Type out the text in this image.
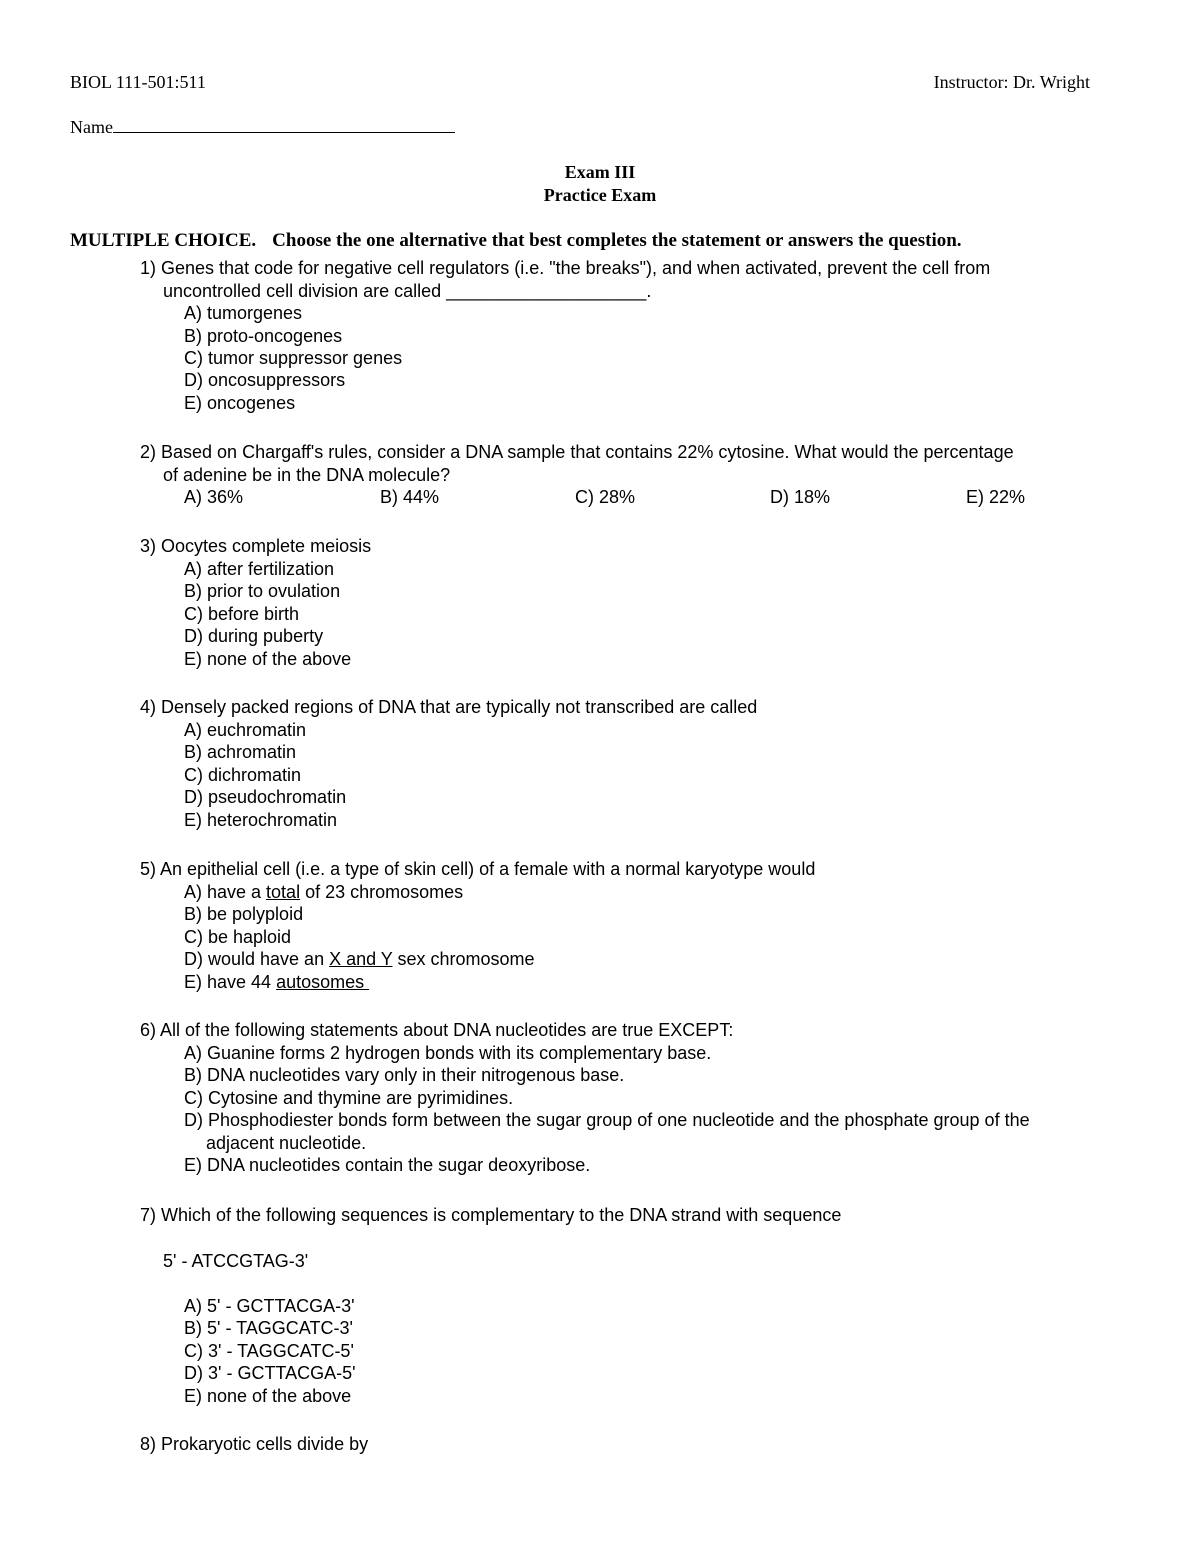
BIOL 111-501:511	Instructor: Dr. Wright
Name
Exam III
Practice Exam
MULTIPLE CHOICE. Choose the one alternative that best completes the statement or answers the question.
1) Genes that code for negative cell regulators (i.e. "the breaks"), and when activated, prevent the cell from
uncontrolled cell division are called ____________________.
A) tumorgenes
B) proto-oncogenes
C) tumor suppressor genes
D) oncosuppressors
E) oncogenes
2) Based on Chargaff's rules, consider a DNA sample that contains 22% cytosine. What would the percentage
of adenine be in the DNA molecule?
A) 36%	B) 44%	C) 28%	D) 18%	E) 22%
3) Oocytes complete meiosis
A) after fertilization
B) prior to ovulation
C) before birth
D) during puberty
E) none of the above
4) Densely packed regions of DNA that are typically not transcribed are called
A) euchromatin
B) achromatin
C) dichromatin
D) pseudochromatin
E) heterochromatin
5) An epithelial cell (i.e. a type of skin cell) of a female with a normal karyotype would
A) have a total of 23 chromosomes
B) be polyploid
C) be haploid
D) would have an X and Y sex chromosome
E) have 44 autosomes
6) All of the following statements about DNA nucleotides are true EXCEPT:
A) Guanine forms 2 hydrogen bonds with its complementary base.
B) DNA nucleotides vary only in their nitrogenous base.
C) Cytosine and thymine are pyrimidines.
D) Phosphodiester bonds form between the sugar group of one nucleotide and the phosphate group of the
adjacent nucleotide.
E) DNA nucleotides contain the sugar deoxyribose.
7) Which of the following sequences is complementary to the DNA strand with sequence
5' - ATCCGTAG-3'
A) 5' - GCTTACGA-3'
B) 5' - TAGGCATC-3'
C) 3' - TAGGCATC-5'
D) 3' - GCTTACGA-5'
E) none of the above
8) Prokaryotic cells divide by
